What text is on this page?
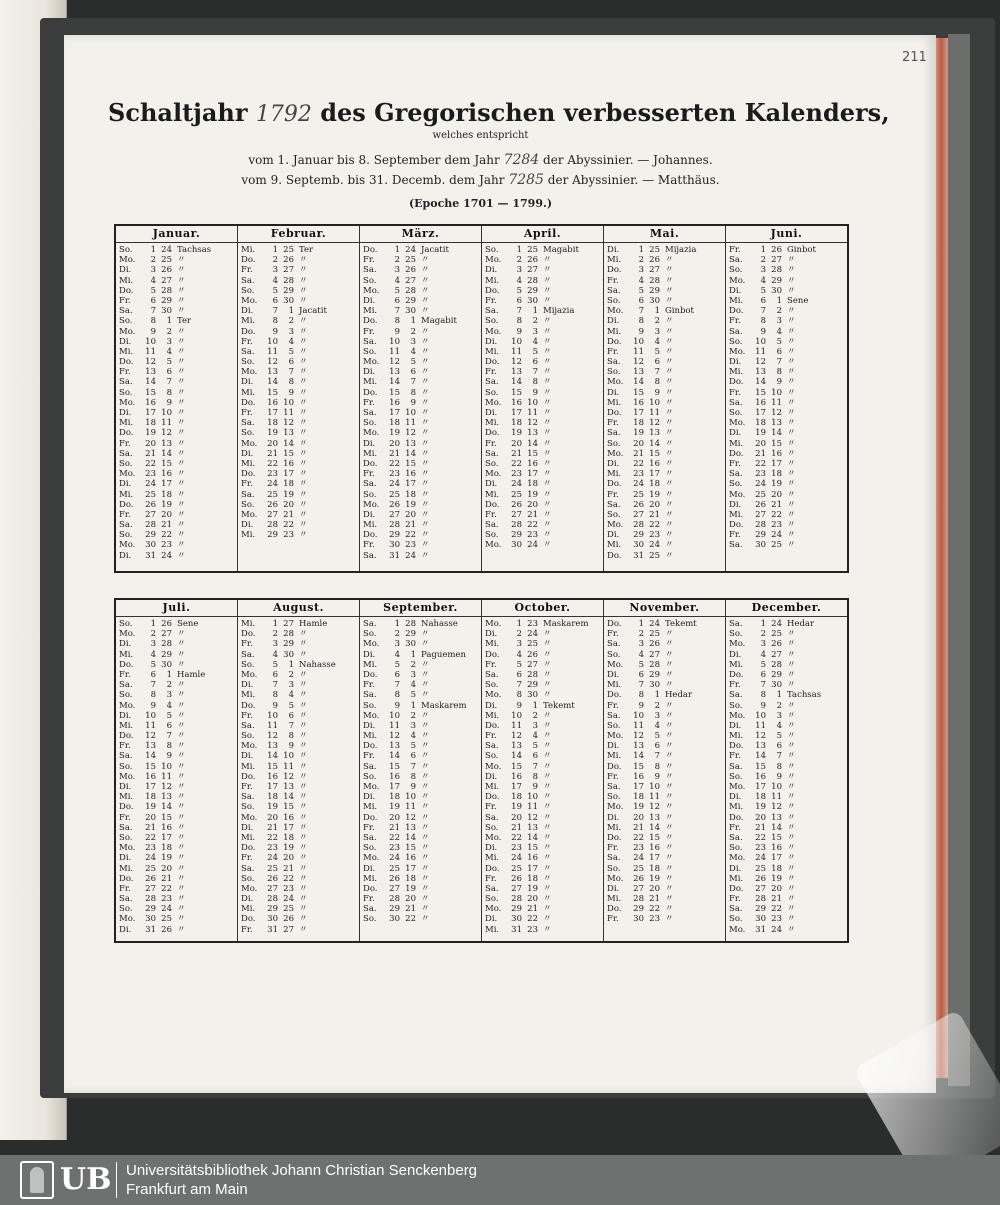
211
Schaltjahr 1792 des Gregorischen verbesserten Kalenders,
welches entspricht
vom 1. Januar bis 8. September dem Jahr 7284 der Abyssinier. — Johannes.
vom 9. Septemb. bis 31. Decemb. dem Jahr 7285 der Abyssinier. — Matthäus.
(Epoche 1701 — 1799.)
Januar.
So.	1 24 Tachsas
Mo.	2 25 〃
Di.	3 26 〃
Mi.	4 27 〃
Do.	5 28 〃
Fr.	6 29 〃
Sa.	7 30 〃
So.	8	1 Ter
Mo.	9	2 〃
Di.	10	3 〃
Mi.	11	4 〃
Do.	12	5 〃
Fr.	13	6 〃
Sa.	14	7 〃
So.	15	8 〃
Mo.	16	9 〃
Di.	17 10 〃
Mi.	18 11 〃
Do.	19 12 〃
Fr.	20 13 〃
Sa.	21 14 〃
So.	22 15 〃
Mo.	23 16 〃
Di.	24 17 〃
Mi.	25 18 〃
Do.	26 19 〃
Fr.	27 20 〃
Sa.	28 21 〃
So.	29 22 〃
Mo.	30 23 〃
Di.	31 24 〃
Februar.
Mi.	1 25 Ter
Do.	2 26 〃
Fr.	3 27 〃
Sa.	4 28 〃
So.	5 29 〃
Mo.	6 30 〃
Di.	7	1 Jacatit
Mi.	8	2 〃
Do.	9	3 〃
Fr.	10	4 〃
Sa.	11	5 〃
So.	12	6 〃
Mo.	13	7 〃
Di.	14	8 〃
Mi.	15	9 〃
Do.	16 10 〃
Fr.	17 11 〃
Sa.	18 12 〃
So.	19 13 〃
Mo.	20 14 〃
Di.	21 15 〃
Mi.	22 16 〃
Do.	23 17 〃
Fr.	24 18 〃
Sa.	25 19 〃
So.	26 20 〃
Mo.	27 21 〃
Di.	28 22 〃
Mi.	29 23 〃
März.
Do.	1 24 Jacatit
Fr.	2 25 〃
Sa.	3 26 〃
So.	4 27 〃
Mo.	5 28 〃
Di.	6 29 〃
Mi.	7 30 〃
Do.	8	1 Magabit
Fr.	9	2 〃
Sa.	10	3 〃
So.	11	4 〃
Mo.	12	5 〃
Di.	13	6 〃
Mi.	14	7 〃
Do.	15	8 〃
Fr.	16	9 〃
Sa.	17 10 〃
So.	18 11 〃
Mo.	19 12 〃
Di.	20 13 〃
Mi.	21 14 〃
Do.	22 15 〃
Fr.	23 16 〃
Sa.	24 17 〃
So.	25 18 〃
Mo.	26 19 〃
Di.	27 20 〃
Mi.	28 21 〃
Do.	29 22 〃
Fr.	30 23 〃
Sa.	31 24 〃
April.
So.	1 25 Magabit
Mo.	2 26 〃
Di.	3 27 〃
Mi.	4 28 〃
Do.	5 29 〃
Fr.	6 30 〃
Sa.	7	1 Mijazia
So.	8	2 〃
Mo.	9	3 〃
Di.	10	4 〃
Mi.	11	5 〃
Do.	12	6 〃
Fr.	13	7 〃
Sa.	14	8 〃
So.	15	9 〃
Mo.	16 10 〃
Di.	17 11 〃
Mi.	18 12 〃
Do.	19 13 〃
Fr.	20 14 〃
Sa.	21 15 〃
So.	22 16 〃
Mo.	23 17 〃
Di.	24 18 〃
Mi.	25 19 〃
Do.	26 20 〃
Fr.	27 21 〃
Sa.	28 22 〃
So.	29 23 〃
Mo.	30 24 〃
Mai.
Di.	1 25 Mijazia
Mi.	2 26 〃
Do.	3 27 〃
Fr.	4 28 〃
Sa.	5 29 〃
So.	6 30 〃
Mo.	7	1 Ginbot
Di.	8	2 〃
Mi.	9	3 〃
Do.	10	4 〃
Fr.	11	5 〃
Sa.	12	6 〃
So.	13	7 〃
Mo.	14	8 〃
Di.	15	9 〃
Mi.	16 10 〃
Do.	17 11 〃
Fr.	18 12 〃
Sa.	19 13 〃
So.	20 14 〃
Mo.	21 15 〃
Di.	22 16 〃
Mi.	23 17 〃
Do.	24 18 〃
Fr.	25 19 〃
Sa.	26 20 〃
So.	27 21 〃
Mo.	28 22 〃
Di.	29 23 〃
Mi.	30 24 〃
Do.	31 25 〃
Juni.
Fr.	1 26 Ginbot
Sa.	2 27 〃
So.	3 28 〃
Mo.	4 29 〃
Di.	5 30 〃
Mi.	6	1 Sene
Do.	7	2 〃
Fr.	8	3 〃
Sa.	9	4 〃
So.	10	5 〃
Mo.	11	6 〃
Di.	12	7 〃
Mi.	13	8 〃
Do.	14	9 〃
Fr.	15 10 〃
Sa.	16 11 〃
So.	17 12 〃
Mo.	18 13 〃
Di.	19 14 〃
Mi.	20 15 〃
Do.	21 16 〃
Fr.	22 17 〃
Sa.	23 18 〃
So.	24 19 〃
Mo.	25 20 〃
Di.	26 21 〃
Mi.	27 22 〃
Do.	28 23 〃
Fr.	29 24 〃
Sa.	30 25 〃
Juli.
So.	1 26 Sene
Mo.	2 27 〃
Di.	3 28 〃
Mi.	4 29 〃
Do.	5 30 〃
Fr.	6	1 Hamle
Sa.	7	2 〃
So.	8	3 〃
Mo.	9	4 〃
Di.	10	5 〃
Mi.	11	6 〃
Do.	12	7 〃
Fr.	13	8 〃
Sa.	14	9 〃
So.	15 10 〃
Mo.	16 11 〃
Di.	17 12 〃
Mi.	18 13 〃
Do.	19 14 〃
Fr.	20 15 〃
Sa.	21 16 〃
So.	22 17 〃
Mo.	23 18 〃
Di.	24 19 〃
Mi.	25 20 〃
Do.	26 21 〃
Fr.	27 22 〃
Sa.	28 23 〃
So.	29 24 〃
Mo.	30 25 〃
Di.	31 26 〃
August.
Mi.	1 27 Hamle
Do.	2 28 〃
Fr.	3 29 〃
Sa.	4 30 〃
So.	5	1 Nahasse
Mo.	6	2 〃
Di.	7	3 〃
Mi.	8	4 〃
Do.	9	5 〃
Fr.	10	6 〃
Sa.	11	7 〃
So.	12	8 〃
Mo.	13	9 〃
Di.	14 10 〃
Mi.	15 11 〃
Do.	16 12 〃
Fr.	17 13 〃
Sa.	18 14 〃
So.	19 15 〃
Mo.	20 16 〃
Di.	21 17 〃
Mi.	22 18 〃
Do.	23 19 〃
Fr.	24 20 〃
Sa.	25 21 〃
So.	26 22 〃
Mo.	27 23 〃
Di.	28 24 〃
Mi.	29 25 〃
Do.	30 26 〃
Fr.	31 27 〃
September.
Sa.	1 28 Nahasse
So.	2 29 〃
Mo.	3 30 〃
Di.	4	1 Paguemen
Mi.	5	2 〃
Do.	6	3 〃
Fr.	7	4 〃
Sa.	8	5 〃
So.	9	1 Maskarem
Mo.	10	2 〃
Di.	11	3 〃
Mi.	12	4 〃
Do.	13	5 〃
Fr.	14	6 〃
Sa.	15	7 〃
So.	16	8 〃
Mo.	17	9 〃
Di.	18 10 〃
Mi.	19 11 〃
Do.	20 12 〃
Fr.	21 13 〃
Sa.	22 14 〃
So.	23 15 〃
Mo.	24 16 〃
Di.	25 17 〃
Mi.	26 18 〃
Do.	27 19 〃
Fr.	28 20 〃
Sa.	29 21 〃
So.	30 22 〃
October.
Mo.	1 23 Maskarem
Di.	2 24 〃
Mi.	3 25 〃
Do.	4 26 〃
Fr.	5 27 〃
Sa.	6 28 〃
So.	7 29 〃
Mo.	8 30 〃
Di.	9	1 Tekemt
Mi.	10	2 〃
Do.	11	3 〃
Fr.	12	4 〃
Sa.	13	5 〃
So.	14	6 〃
Mo.	15	7 〃
Di.	16	8 〃
Mi.	17	9 〃
Do.	18 10 〃
Fr.	19 11 〃
Sa.	20 12 〃
So.	21 13 〃
Mo.	22 14 〃
Di.	23 15 〃
Mi.	24 16 〃
Do.	25 17 〃
Fr.	26 18 〃
Sa.	27 19 〃
So.	28 20 〃
Mo.	29 21 〃
Di.	30 22 〃
Mi.	31 23 〃
November.
Do.	1 24 Tekemt
Fr.	2 25 〃
Sa.	3 26 〃
So.	4 27 〃
Mo.	5 28 〃
Di.	6 29 〃
Mi.	7 30 〃
Do.	8	1 Hedar
Fr.	9	2 〃
Sa.	10	3 〃
So.	11	4 〃
Mo.	12	5 〃
Di.	13	6 〃
Mi.	14	7 〃
Do.	15	8 〃
Fr.	16	9 〃
Sa.	17 10 〃
So.	18 11 〃
Mo.	19 12 〃
Di.	20 13 〃
Mi.	21 14 〃
Do.	22 15 〃
Fr.	23 16 〃
Sa.	24 17 〃
So.	25 18 〃
Mo.	26 19 〃
Di.	27 20 〃
Mi.	28 21 〃
Do.	29 22 〃
Fr.	30 23 〃
December.
Sa.	1 24 Hedar
So.	2 25 〃
Mo.	3 26 〃
Di.	4 27 〃
Mi.	5 28 〃
Do.	6 29 〃
Fr.	7 30 〃
Sa.	8	1 Tachsas
So.	9	2 〃
Mo.	10	3 〃
Di.	11	4 〃
Mi.	12	5 〃
Do.	13	6 〃
Fr.	14	7 〃
Sa.	15	8 〃
So.	16	9 〃
Mo.	17 10 〃
Di.	18 11 〃
Mi.	19 12 〃
Do.	20 13 〃
Fr.	21 14 〃
Sa.	22 15 〃
So.	23 16 〃
Mo.	24 17 〃
Di.	25 18 〃
Mi.	26 19 〃
Do.	27 20 〃
Fr.	28 21 〃
Sa.	29 22 〃
So.	30 23 〃
Mo.	31 24 〃
UB Universitätsbibliothek Johann Christian Senckenberg
Frankfurt am Main
